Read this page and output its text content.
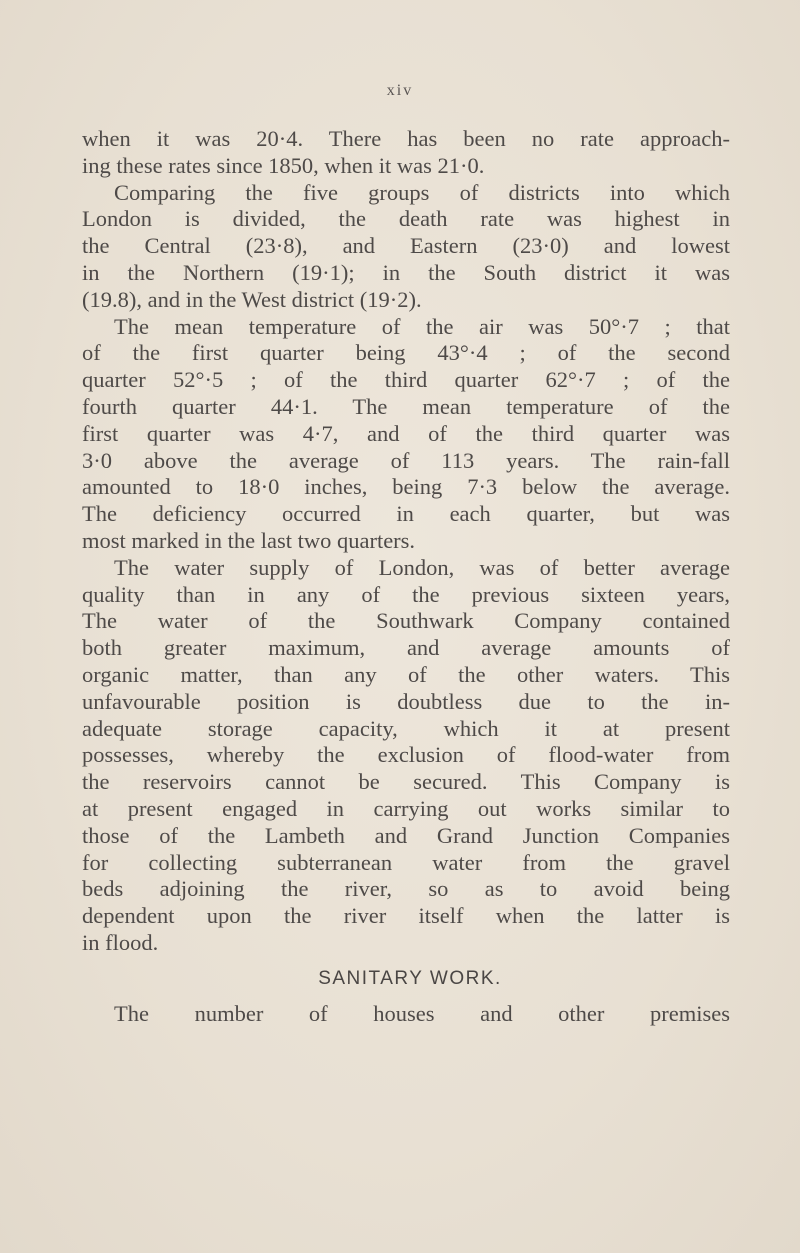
xiv
when it was 20·4. There has been no rate approach-
ing these rates since 1850, when it was 21·0.
Comparing the five groups of districts into which
London is divided, the death rate was highest in
the Central (23·8), and Eastern (23·0) and lowest
in the Northern (19·1); in the South district it was
(19.8), and in the West district (19·2).
The mean temperature of the air was 50°·7 ; that
of the first quarter being 43°·4 ; of the second
quarter 52°·5 ; of the third quarter 62°·7 ; of the
fourth quarter 44·1. The mean temperature of the
first quarter was 4·7, and of the third quarter was
3·0 above the average of 113 years. The rain-fall
amounted to 18·0 inches, being 7·3 below the average.
The deficiency occurred in each quarter, but was
most marked in the last two quarters.
The water supply of London, was of better average
quality than in any of the previous sixteen years,
The water of the Southwark Company contained
both greater maximum, and average amounts of
organic matter, than any of the other waters. This
unfavourable position is doubtless due to the in-
adequate storage capacity, which it at present
possesses, whereby the exclusion of flood-water from
the reservoirs cannot be secured. This Company is
at present engaged in carrying out works similar to
those of the Lambeth and Grand Junction Companies
for collecting subterranean water from the gravel
beds adjoining the river, so as to avoid being
dependent upon the river itself when the latter is
in flood.
SANITARY WORK.
The number of houses and other premises
